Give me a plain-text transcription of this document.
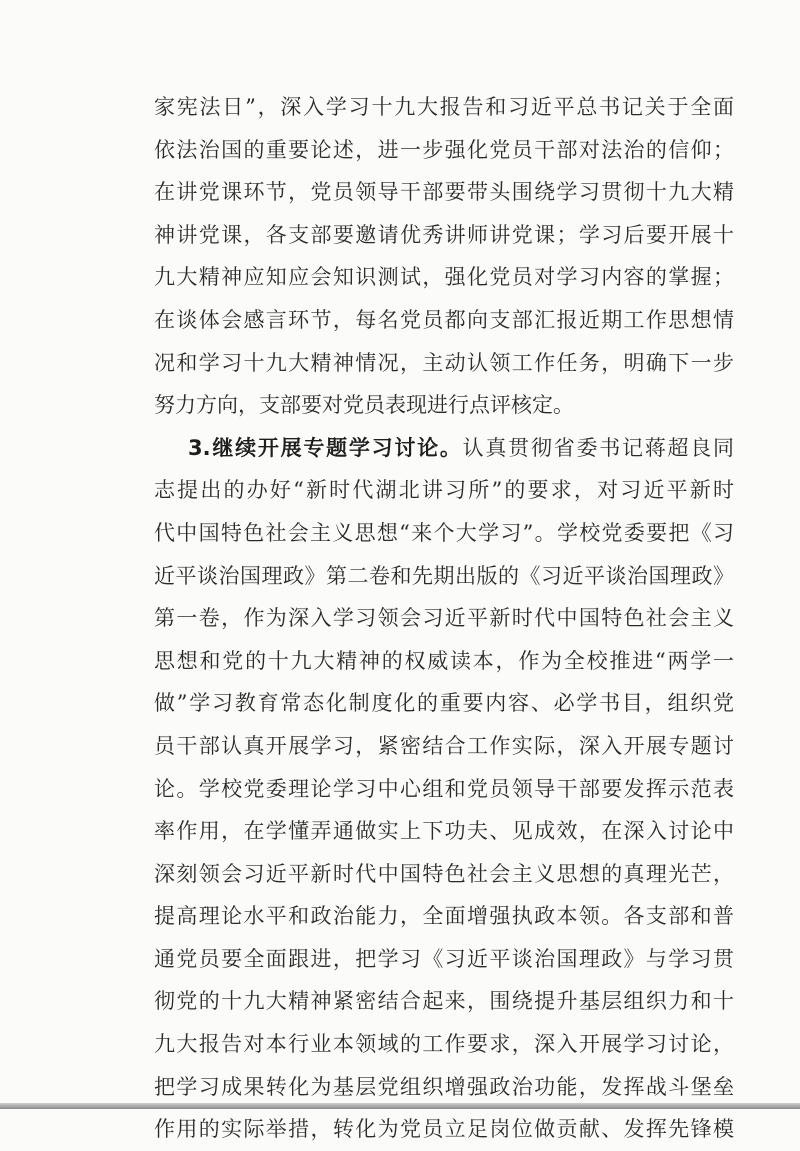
家宪法日”，深入学习十九大报告和习近平总书记关于全面
依法治国的重要论述，进一步强化党员干部对法治的信仰；
在讲党课环节，党员领导干部要带头围绕学习贯彻十九大精
神讲党课，各支部要邀请优秀讲师讲党课；学习后要开展十
九大精神应知应会知识测试，强化党员对学习内容的掌握；
在谈体会感言环节，每名党员都向支部汇报近期工作思想情
况和学习十九大精神情况，主动认领工作任务，明确下一步
努力方向，支部要对党员表现进行点评核定。
3.继续开展专题学习讨论。认真贯彻省委书记蒋超良同
志提出的办好“新时代湖北讲习所”的要求，对习近平新时
代中国特色社会主义思想“来个大学习”。学校党委要把《习
近平谈治国理政》第二卷和先期出版的《习近平谈治国理政》
第一卷，作为深入学习领会习近平新时代中国特色社会主义
思想和党的十九大精神的权威读本，作为全校推进“两学一
做”学习教育常态化制度化的重要内容、必学书目，组织党
员干部认真开展学习，紧密结合工作实际，深入开展专题讨
论。学校党委理论学习中心组和党员领导干部要发挥示范表
率作用，在学懂弄通做实上下功夫、见成效，在深入讨论中
深刻领会习近平新时代中国特色社会主义思想的真理光芒，
提高理论水平和政治能力，全面增强执政本领。各支部和普
通党员要全面跟进，把学习《习近平谈治国理政》与学习贯
彻党的十九大精神紧密结合起来，围绕提升基层组织力和十
九大报告对本行业本领域的工作要求，深入开展学习讨论，
把学习成果转化为基层党组织增强政治功能，发挥战斗堡垒
作用的实际举措，转化为党员立足岗位做贡献、发挥先锋模
